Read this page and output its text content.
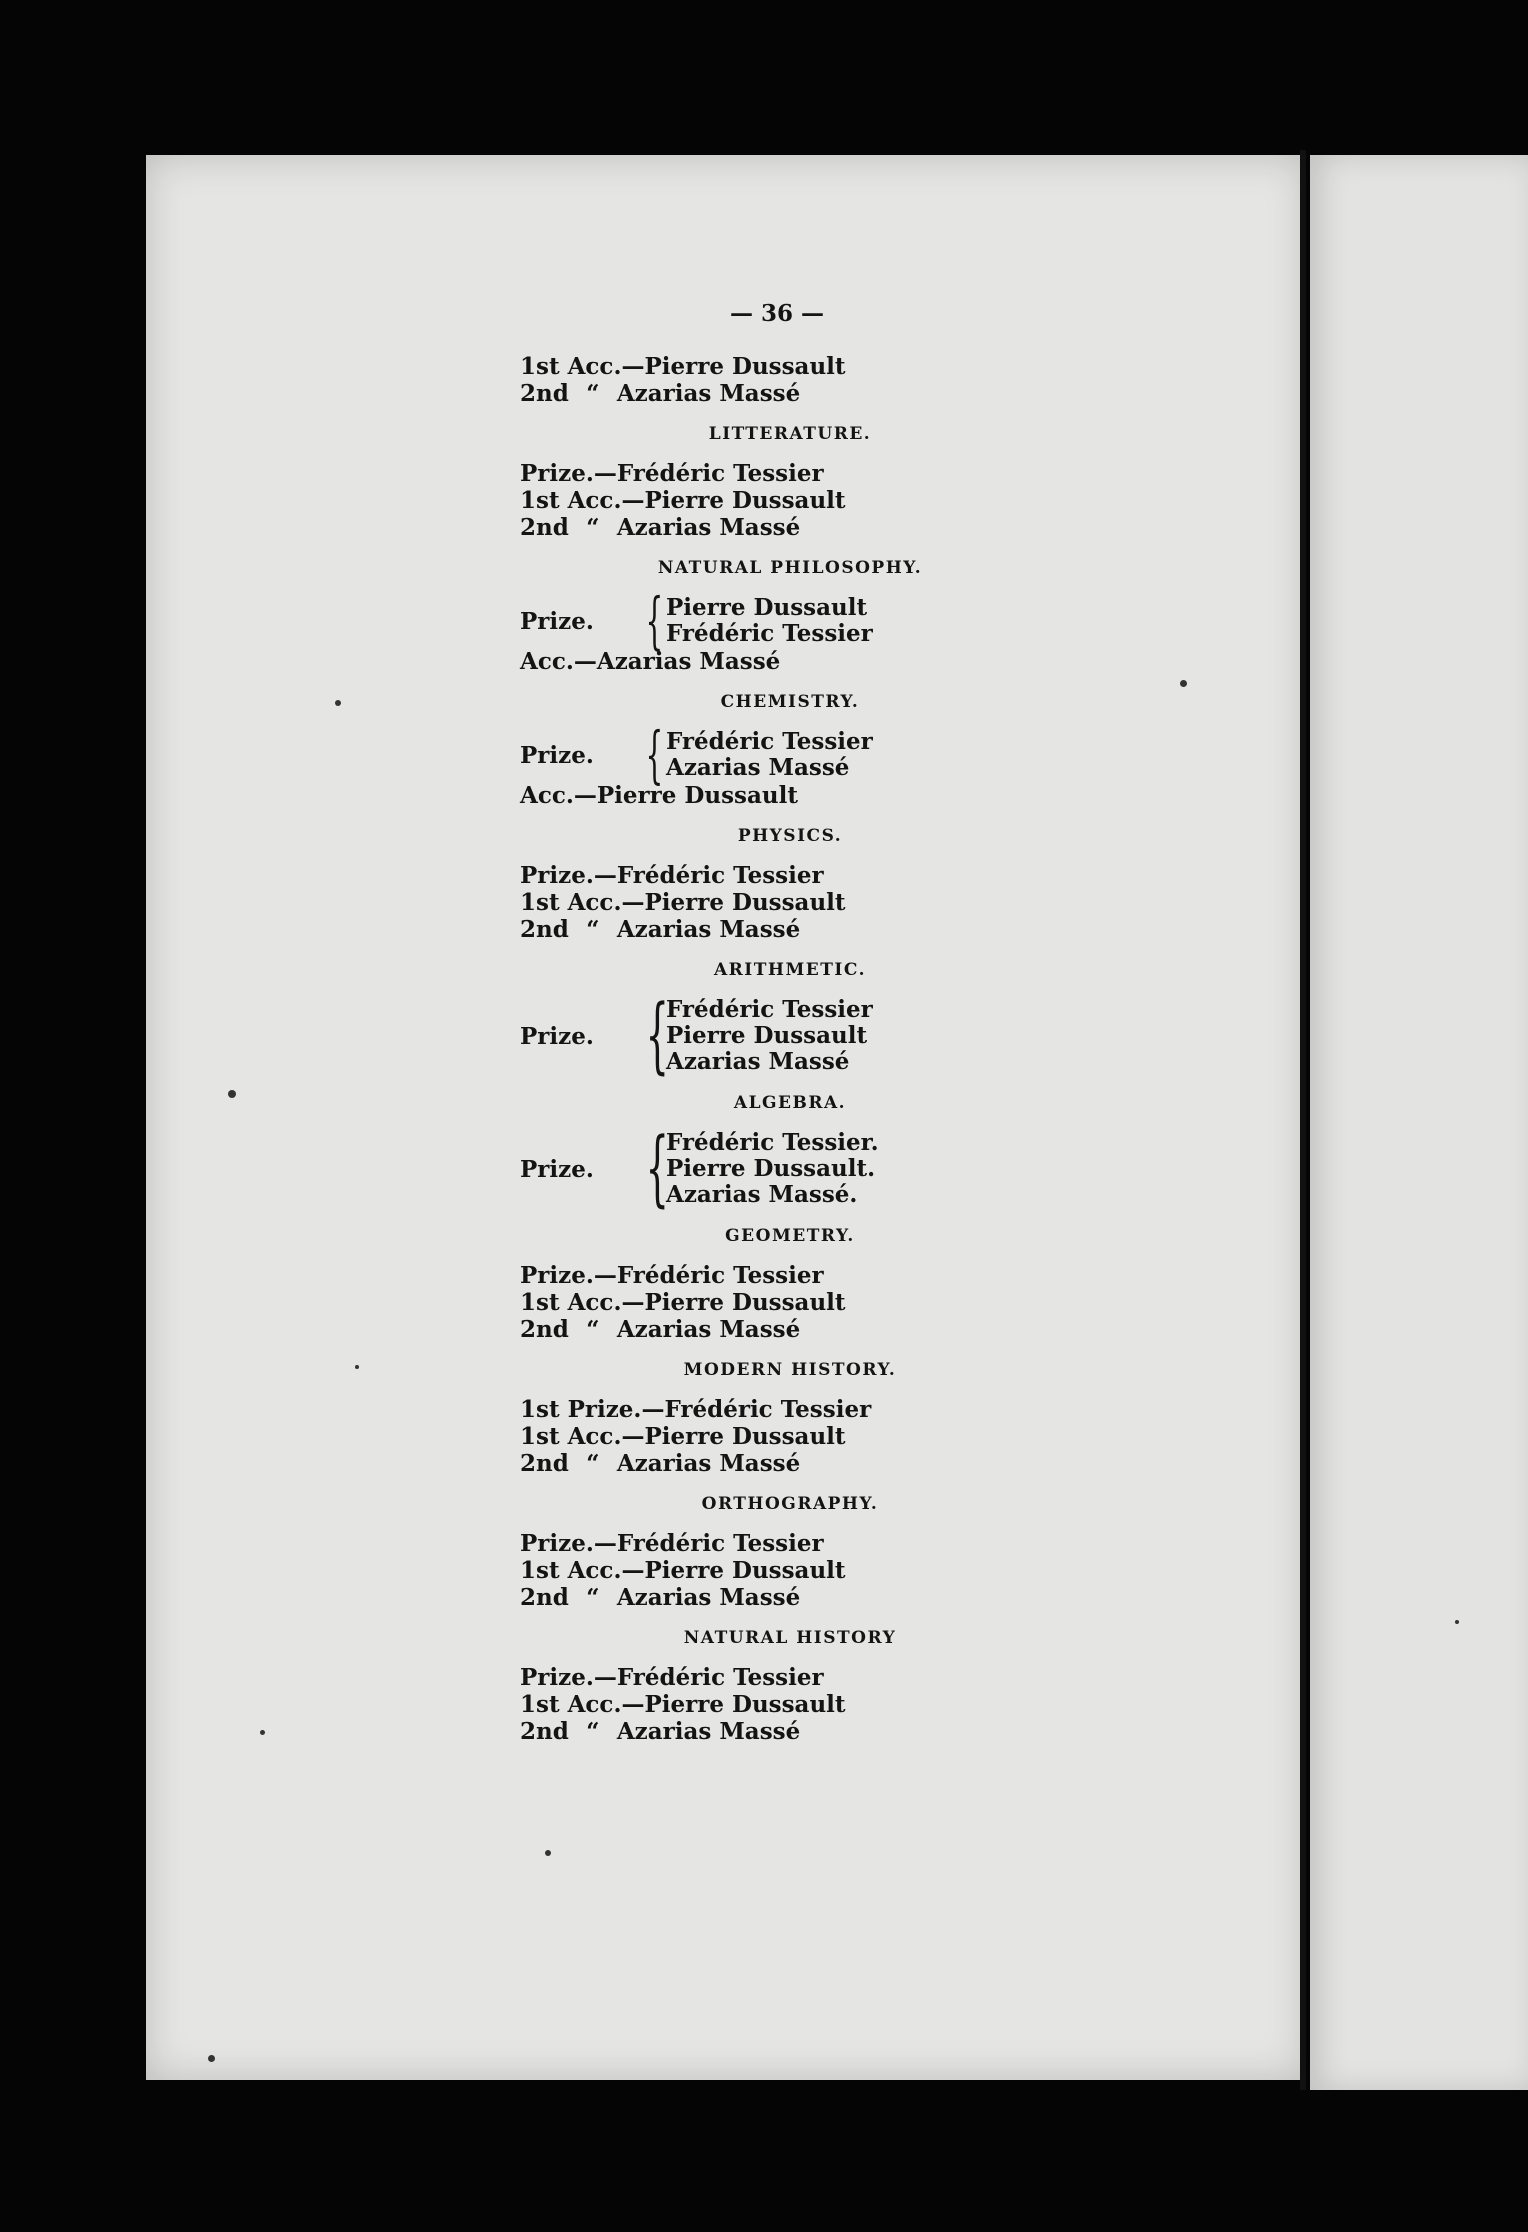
— 36 —
1st Acc.—Pierre Dussault
2nd “ Azarias Massé
LITTERATURE.
Prize.—Frédéric Tessier
1st Acc.—Pierre Dussault
2nd “ Azarias Massé
NATURAL PHILOSOPHY.
Prize. { Pierre Dussault
Frédéric Tessier
Acc.—Azarias Massé
CHEMISTRY.
Prize. { Frédéric Tessier
Azarias Massé
Acc.—Pierre Dussault
PHYSICS.
Prize.—Frédéric Tessier
1st Acc.—Pierre Dussault
2nd “ Azarias Massé
ARITHMETIC.
Prize. {
Frédéric Tessier
Pierre Dussault
Azarias Massé
ALGEBRA.
Prize. {
Frédéric Tessier.
Pierre Dussault.
Azarias Massé.
GEOMETRY.
Prize.—Frédéric Tessier
1st Acc.—Pierre Dussault
2nd “ Azarias Massé
MODERN HISTORY.
1st Prize.—Frédéric Tessier
1st Acc.—Pierre Dussault
2nd “ Azarias Massé
ORTHOGRAPHY.
Prize.—Frédéric Tessier
1st Acc.—Pierre Dussault
2nd “ Azarias Massé
NATURAL HISTORY
Prize.—Frédéric Tessier
1st Acc.—Pierre Dussault
2nd “ Azarias Massé
